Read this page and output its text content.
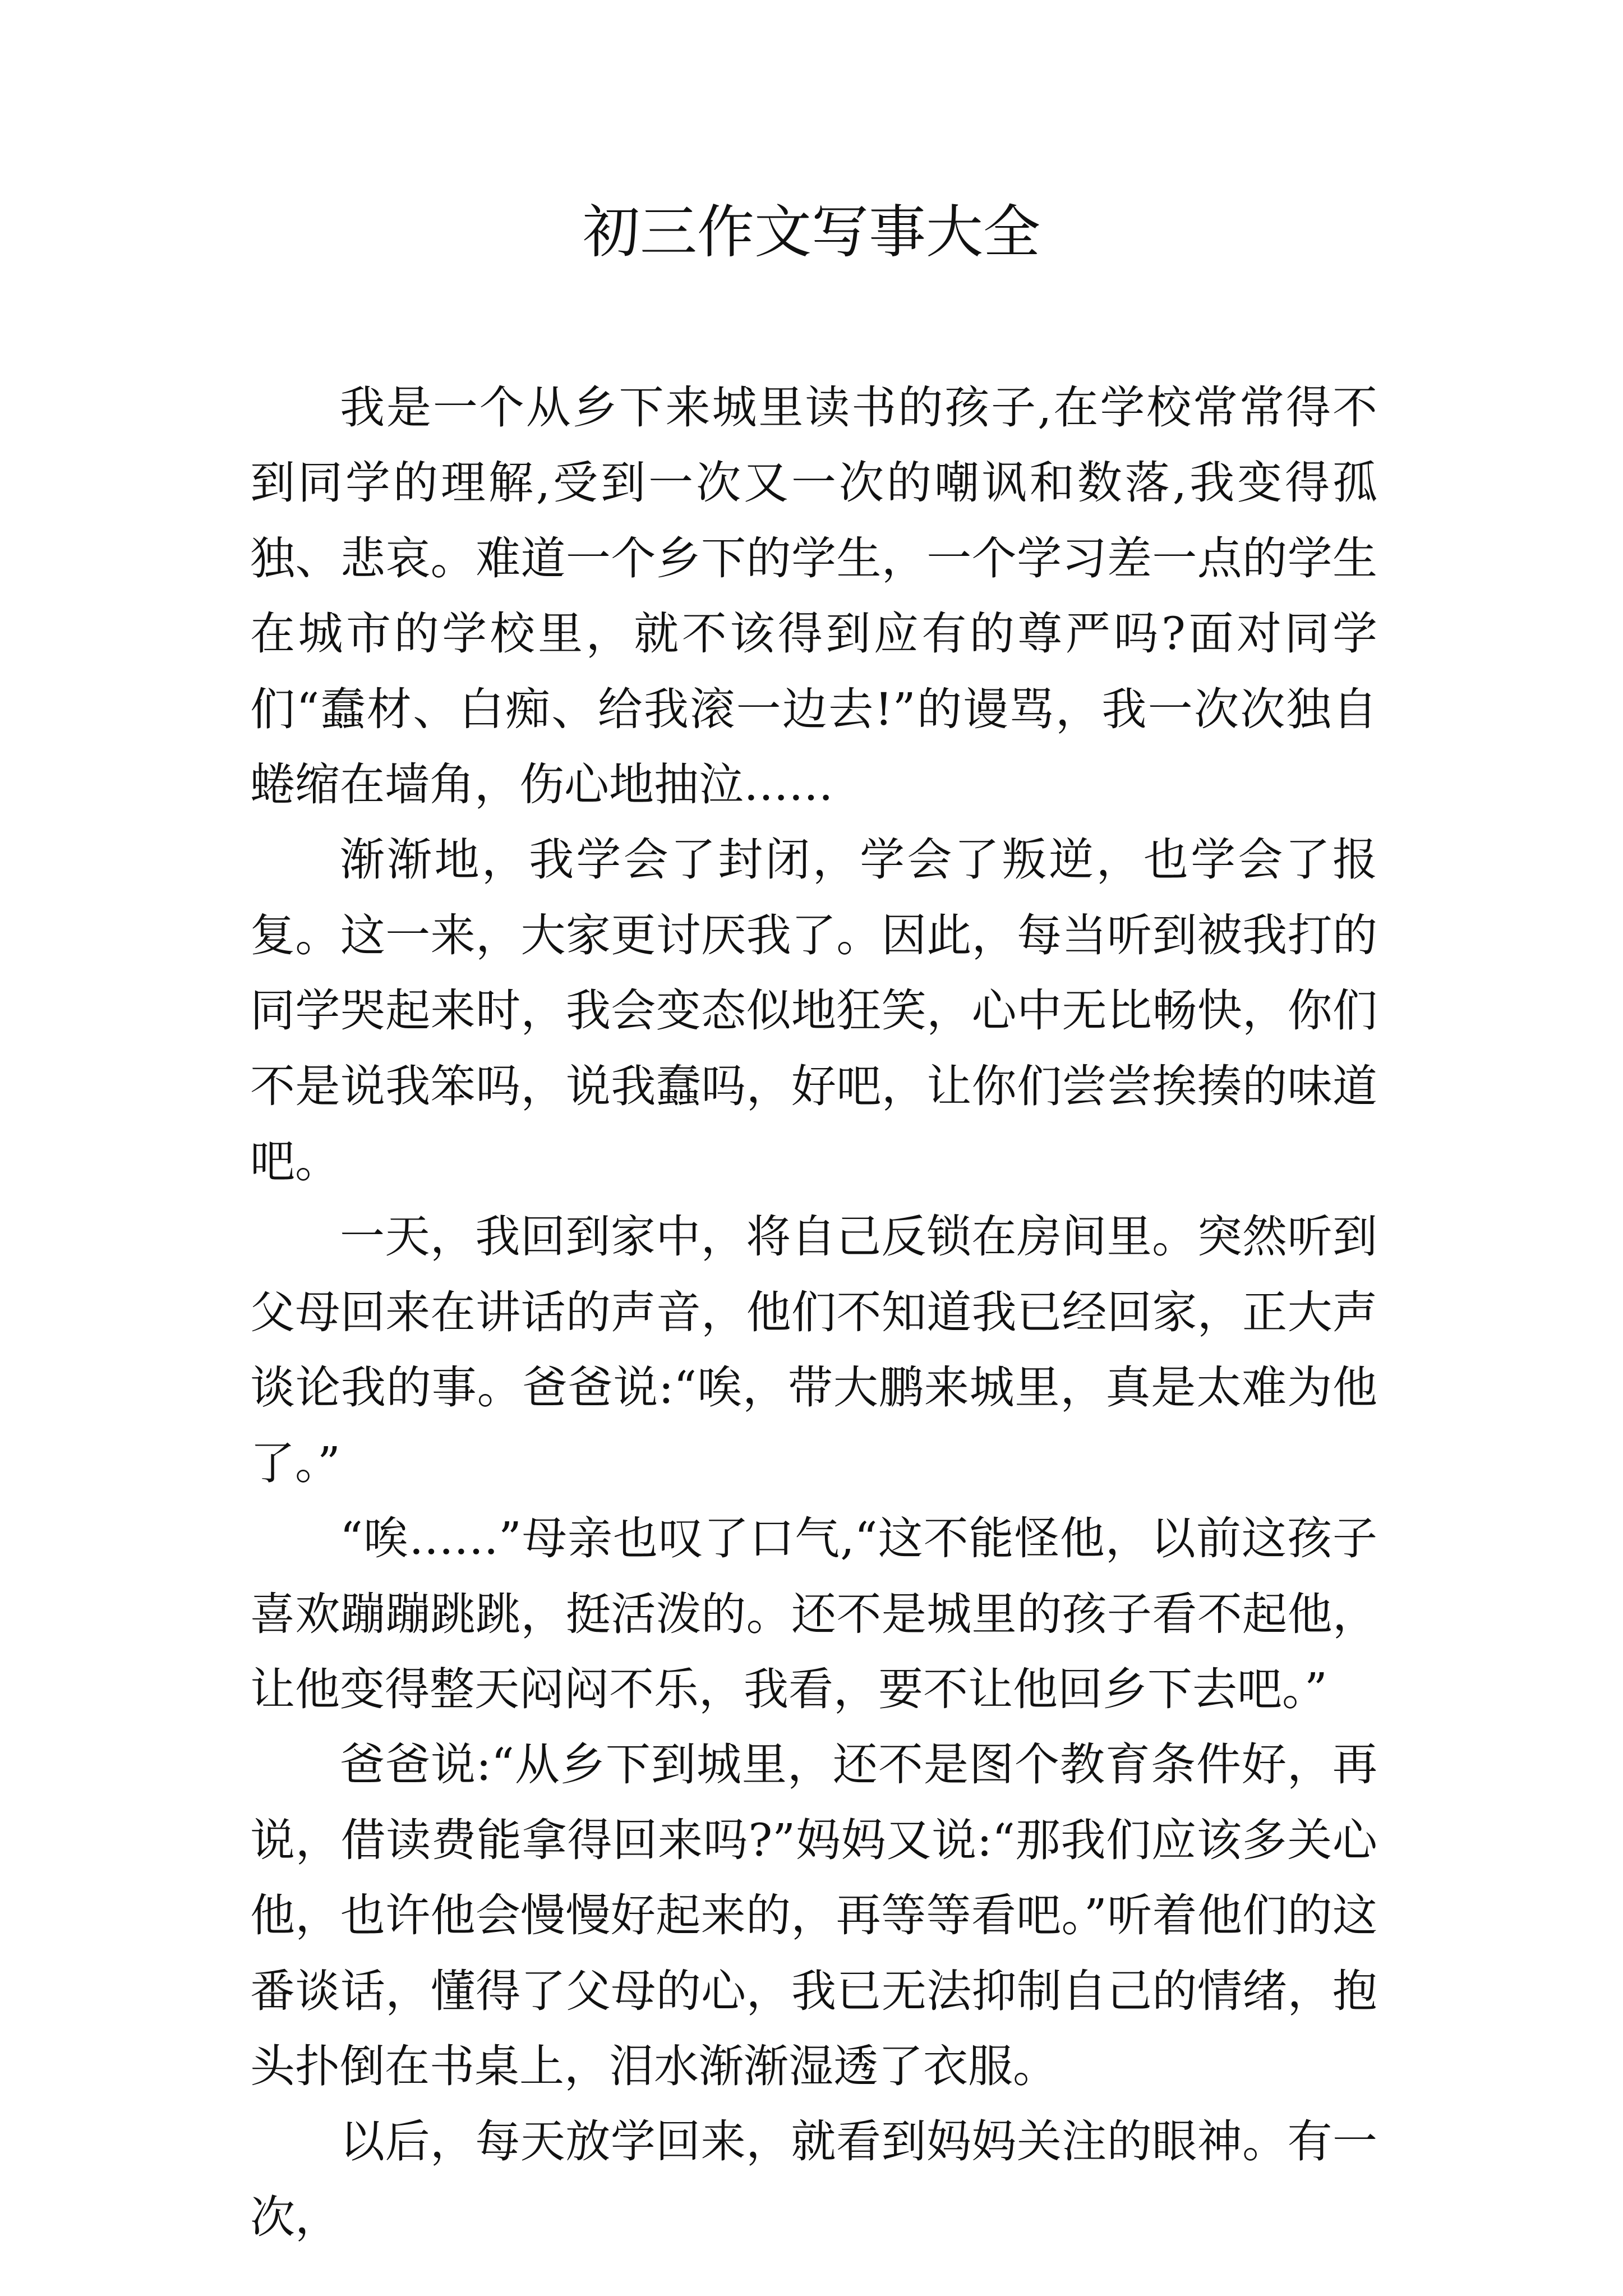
初三作文写事大全

我是一个从乡下来城里读书的孩子,在学校常常得不到同学的理解,受到一次又一次的嘲讽和数落,我变得孤独、悲哀。难道一个乡下的学生，一个学习差一点的学生在城市的学校里，就不该得到应有的尊严吗?面对同学们“蠢材、白痴、给我滚一边去!”的谩骂，我一次次独自蜷缩在墙角，伤心地抽泣……

渐渐地，我学会了封闭，学会了叛逆，也学会了报复。这一来，大家更讨厌我了。因此，每当听到被我打的同学哭起来时，我会变态似地狂笑，心中无比畅快，你们不是说我笨吗，说我蠢吗，好吧，让你们尝尝挨揍的味道吧。

一天，我回到家中，将自己反锁在房间里。突然听到父母回来在讲话的声音，他们不知道我已经回家，正大声谈论我的事。爸爸说:“唉，带大鹏来城里，真是太难为他了。”

“唉……”母亲也叹了口气,“这不能怪他，以前这孩子喜欢蹦蹦跳跳，挺活泼的。还不是城里的孩子看不起他，让他变得整天闷闷不乐，我看，要不让他回乡下去吧。”

爸爸说:“从乡下到城里，还不是图个教育条件好，再说，借读费能拿得回来吗?”妈妈又说:“那我们应该多关心他，也许他会慢慢好起来的，再等等看吧。”听着他们的这番谈话，懂得了父母的心，我已无法抑制自己的情绪，抱头扑倒在书桌上，泪水渐渐湿透了衣服。

以后，每天放学回来，就看到妈妈关注的眼神。有一次，
